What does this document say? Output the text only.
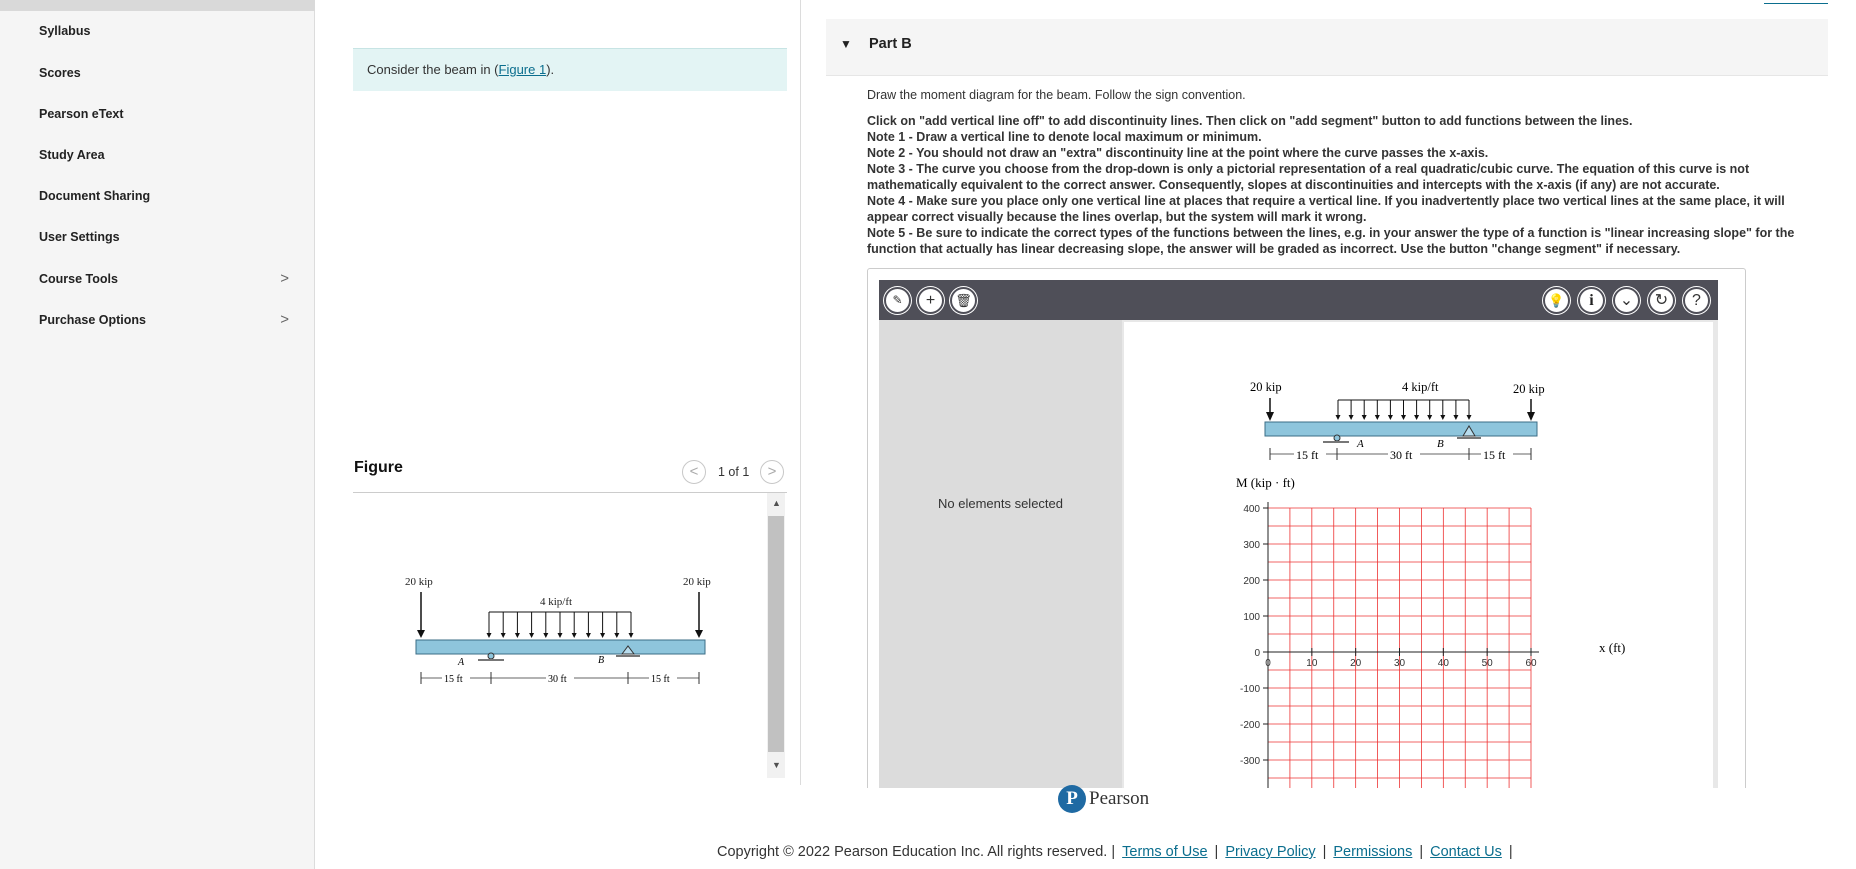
Syllabus
Scores
Pearson eText
Study Area
Document Sharing
User Settings
Course Tools	>
Purchase Options	>
Consider the beam in (Figure 1).
Figure	<	1 of 1	>
20 kip	20 kip
4 kip/ft
A	B
15 ft	30 ft	15 ft
▲
▼
▼ Part B
Draw the moment diagram for the beam. Follow the sign convention.
Click on "add vertical line off" to add discontinuity lines. Then click on "add segment" button to add functions between the lines.
Note 1 - Draw a vertical line to denote local maximum or minimum.
Note 2 - You should not draw an "extra" discontinuity line at the point where the curve passes the x-axis.
Note 3 - The curve you choose from the drop-down is only a pictorial representation of a real quadratic/cubic curve. The equation of this curve is not mathematically equivalent to the correct answer. Consequently, slopes at discontinuities and intercepts with the x-axis (if any) are not accurate.
Note 4 - Make sure you place only one vertical line at places that require a vertical line. If you inadvertently place two vertical lines at the same place, it will appear correct visually because the lines overlap, but the system will mark it wrong.
Note 5 - Be sure to indicate the correct types of the functions between the lines, e.g. in your answer the type of a function is "linear increasing slope" for the function that actually has linear decreasing slope, the answer will be graded as incorrect. Use the button "change segment" if necessary.
✎	+	🗑	💡	i	⌄	↻	?
No elements selected
20 kip	20 kip
4 kip/ft
A	B
15 ft	30 ft	15 ft
M (kip · ft)
x (ft)
400
300
200
100
0
-100
-200
-300
0	10	20	30	40	50	60
P Pearson
Copyright © 2022 Pearson Education Inc. All rights reserved. | Terms of Use | Privacy Policy | Permissions | Contact Us |
